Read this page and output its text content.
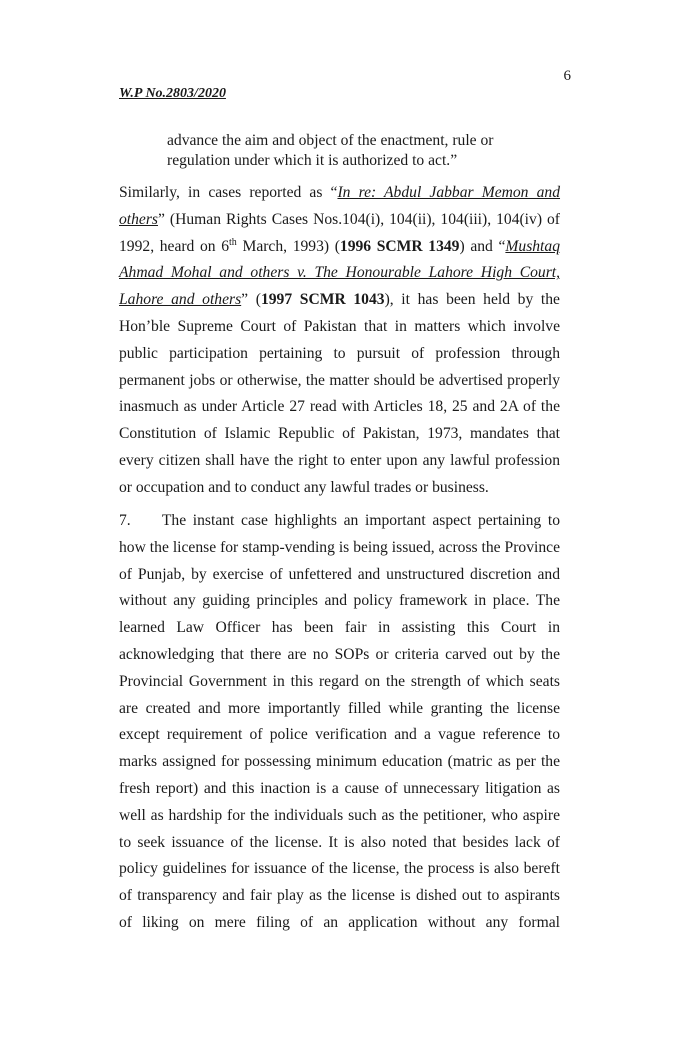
6
W.P No.2803/2020
advance the aim and object of the enactment, rule or
regulation under which it is authorized to act.”
Similarly, in cases reported as “In re: Abdul Jabbar Memon and
others” (Human Rights Cases Nos.104(i), 104(ii), 104(iii), 104(iv) of
1992, heard on 6th March, 1993) (1996 SCMR 1349) and “Mushtaq
Ahmad Mohal and others v. The Honourable Lahore High Court,
Lahore and others” (1997 SCMR 1043), it has been held by the
Hon’ble Supreme Court of Pakistan that in matters which involve
public participation pertaining to pursuit of profession through
permanent jobs or otherwise, the matter should be advertised properly
inasmuch as under Article 27 read with Articles 18, 25 and 2A of the
Constitution of Islamic Republic of Pakistan, 1973, mandates that
every citizen shall have the right to enter upon any lawful profession
or occupation and to conduct any lawful trades or business.
7.  The instant case highlights an important aspect pertaining to
how the license for stamp-vending is being issued, across the Province
of Punjab, by exercise of unfettered and unstructured discretion and
without any guiding principles and policy framework in place. The
learned Law Officer has been fair in assisting this Court in
acknowledging that there are no SOPs or criteria carved out by the
Provincial Government in this regard on the strength of which seats
are created and more importantly filled while granting the license
except requirement of police verification and a vague reference to
marks assigned for possessing minimum education (matric as per the
fresh report) and this inaction is a cause of unnecessary litigation as
well as hardship for the individuals such as the petitioner, who aspire
to seek issuance of the license. It is also noted that besides lack of
policy guidelines for issuance of the license, the process is also bereft
of transparency and fair play as the license is dished out to aspirants
of liking on mere filing of an application without any formal
